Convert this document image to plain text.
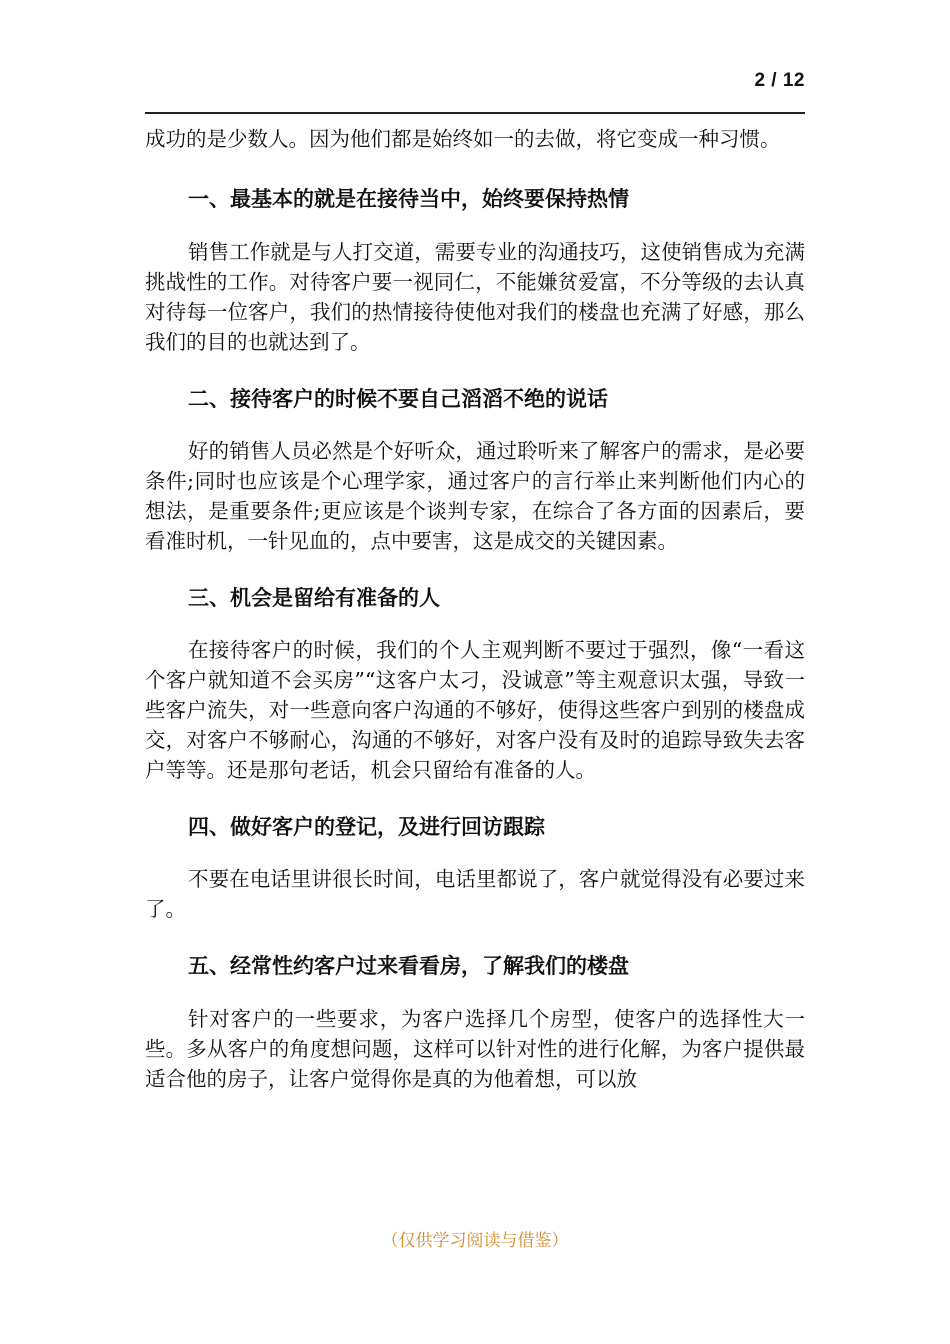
2 / 12

成功的是少数人。因为他们都是始终如一的去做，将它变成一种习惯。

一、最基本的就是在接待当中，始终要保持热情

销售工作就是与人打交道，需要专业的沟通技巧，这使销售成为充满挑战性的工作。对待客户要一视同仁，不能嫌贫爱富，不分等级的去认真对待每一位客户，我们的热情接待使他对我们的楼盘也充满了好感，那么我们的目的也就达到了。

二、接待客户的时候不要自己滔滔不绝的说话

好的销售人员必然是个好听众，通过聆听来了解客户的需求，是必要条件;同时也应该是个心理学家，通过客户的言行举止来判断他们内心的想法，是重要条件;更应该是个谈判专家，在综合了各方面的因素后，要看准时机，一针见血的，点中要害，这是成交的关键因素。

三、机会是留给有准备的人

在接待客户的时候，我们的个人主观判断不要过于强烈，像“一看这个客户就知道不会买房”“这客户太刁，没诚意”等主观意识太强，导致一些客户流失，对一些意向客户沟通的不够好，使得这些客户到别的楼盘成交，对客户不够耐心，沟通的不够好，对客户没有及时的追踪导致失去客户等等。还是那句老话，机会只留给有准备的人。

四、做好客户的登记，及进行回访跟踪

不要在电话里讲很长时间，电话里都说了，客户就觉得没有必要过来了。

五、经常性约客户过来看看房，了解我们的楼盘

针对客户的一些要求，为客户选择几个房型，使客户的选择性大一些。多从客户的角度想问题，这样可以针对性的进行化解，为客户提供最适合他的房子，让客户觉得你是真的为他着想，可以放

（仅供学习阅读与借鉴）
